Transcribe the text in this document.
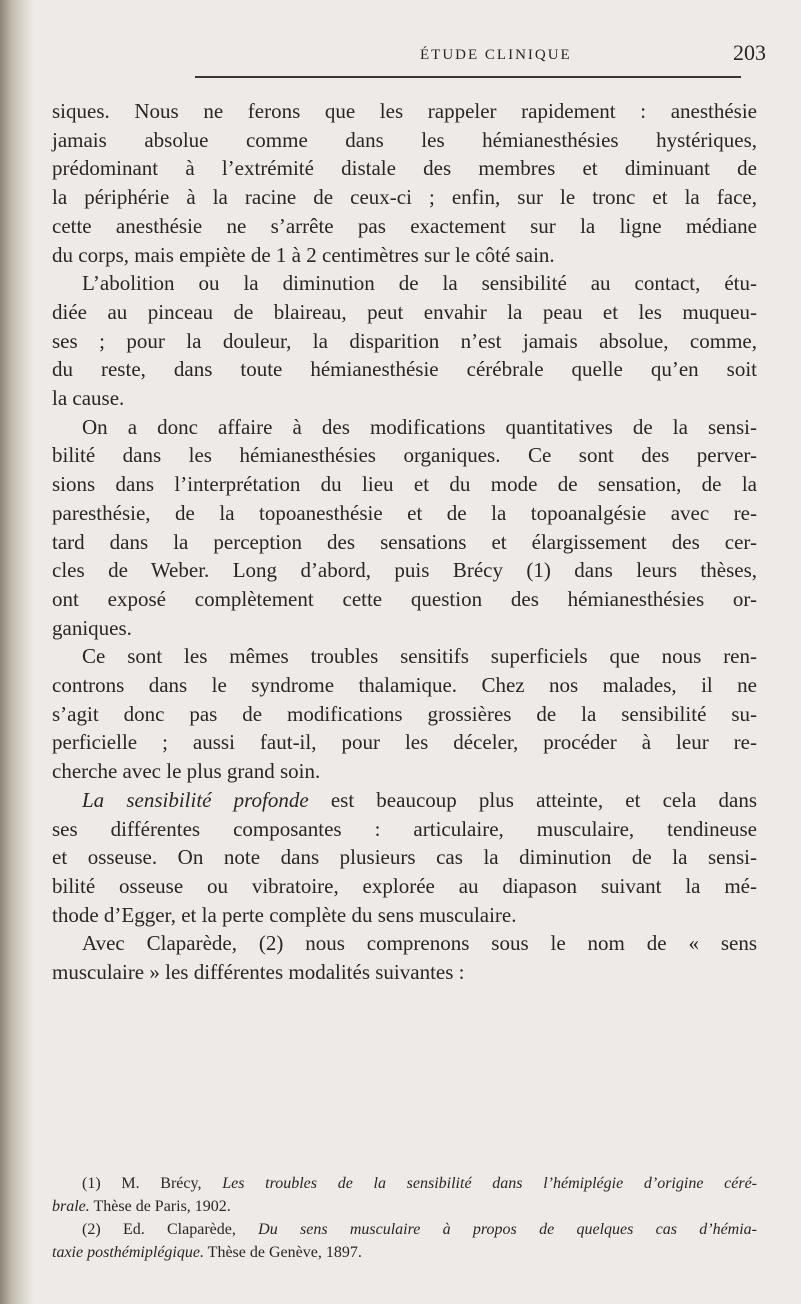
ÉTUDE CLINIQUE	203
siques. Nous ne ferons que les rappeler rapidement : anesthésie
jamais absolue comme dans les hémianesthésies hystériques,
prédominant à l’extrémité distale des membres et diminuant de
la périphérie à la racine de ceux-ci ; enfin, sur le tronc et la face,
cette anesthésie ne s’arrête pas exactement sur la ligne médiane
du corps, mais empiète de 1 à 2 centimètres sur le côté sain.
L’abolition ou la diminution de la sensibilité au contact, étu-
diée au pinceau de blaireau, peut envahir la peau et les muqueu-
ses ; pour la douleur, la disparition n’est jamais absolue, comme,
du reste, dans toute hémianesthésie cérébrale quelle qu’en soit
la cause.
On a donc affaire à des modifications quantitatives de la sensi-
bilité dans les hémianesthésies organiques. Ce sont des perver-
sions dans l’interprétation du lieu et du mode de sensation, de la
paresthésie, de la topoanesthésie et de la topoanalgésie avec re-
tard dans la perception des sensations et élargissement des cer-
cles de Weber. Long d’abord, puis Brécy (1) dans leurs thèses,
ont exposé complètement cette question des hémianesthésies or-
ganiques.
Ce sont les mêmes troubles sensitifs superficiels que nous ren-
controns dans le syndrome thalamique. Chez nos malades, il ne
s’agit donc pas de modifications grossières de la sensibilité su-
perficielle ; aussi faut-il, pour les déceler, procéder à leur re-
cherche avec le plus grand soin.
La sensibilité profonde est beaucoup plus atteinte, et cela dans
ses différentes composantes : articulaire, musculaire, tendineuse
et osseuse. On note dans plusieurs cas la diminution de la sensi-
bilité osseuse ou vibratoire, explorée au diapason suivant la mé-
thode d’Egger, et la perte complète du sens musculaire.
Avec Claparède, (2) nous comprenons sous le nom de « sens
musculaire » les différentes modalités suivantes :
(1) M. Brécy, Les troubles de la sensibilité dans l’hémiplégie d’origine céré-
brale. Thèse de Paris, 1902.
(2) Ed. Claparède, Du sens musculaire à propos de quelques cas d’hémia-
taxie posthémiplégique. Thèse de Genève, 1897.
